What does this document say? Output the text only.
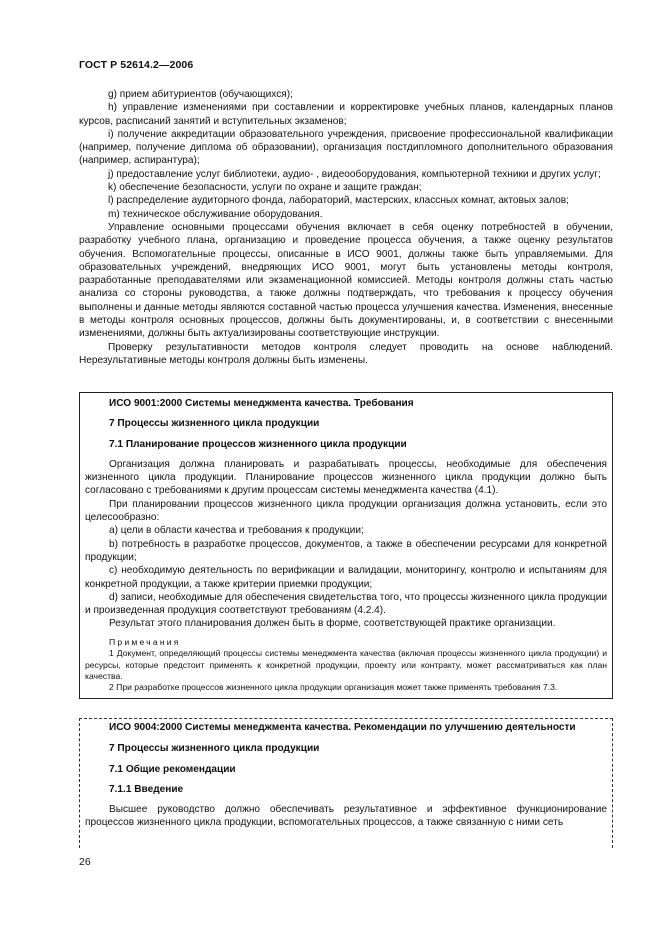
ГОСТ Р 52614.2—2006

g) прием абитуриентов (обучающихся);

h) управление изменениями при составлении и корректировке учебных планов, календарных планов курсов, расписаний занятий и вступительных экзаменов;

i) получение аккредитации образовательного учреждения, присвоение профессиональной квалификации (например, получение диплома об образовании), организация постдипломного дополнительного образования (например, аспирантура);

j) предоставление услуг библиотеки, аудио- , видеооборудования, компьютерной техники и других услуг;

k) обеспечение безопасности, услуги по охране и защите граждан;

l) распределение аудиторного фонда, лабораторий, мастерских, классных комнат, актовых залов;

m) техническое обслуживание оборудования.

Управление основными процессами обучения включает в себя оценку потребностей в обучении, разработку учебного плана, организацию и проведение процесса обучения, а также оценку результатов обучения. Вспомогательные процессы, описанные в ИСО 9001, должны также быть управляемыми. Для образовательных учреждений, внедряющих ИСО 9001, могут быть установлены методы контроля, разработанные преподавателями или экзаменационной комиссией. Методы контроля должны стать частью анализа со стороны руководства, а также должны подтверждать, что требования к процессу обучения выполнены и данные методы являются составной частью процесса улучшения качества. Изменения, внесенные в методы контроля основных процессов, должны быть документированы, и, в соответствии с внесенными изменениями, должны быть актуализированы соответствующие инструкции.

Проверку результативности методов контроля следует проводить на основе наблюдений. Нерезультативные методы контроля должны быть изменены.

ИСО 9001:2000 Системы менеджмента качества. Требования
7 Процессы жизненного цикла продукции
7.1 Планирование процессов жизненного цикла продукции

Организация должна планировать и разрабатывать процессы, необходимые для обеспечения жизненного цикла продукции. Планирование процессов жизненного цикла продукции должно быть согласовано с требованиями к другим процессам системы менеджмента качества (4.1).

При планировании процессов жизненного цикла продукции организация должна установить, если это целесообразно:

a) цели в области качества и требования к продукции;

b) потребность в разработке процессов, документов, а также в обеспечении ресурсами для конкретной продукции;

c) необходимую деятельность по верификации и валидации, мониторингу, контролю и испытаниям для конкретной продукции, а также критерии приемки продукции;

d) записи, необходимые для обеспечения свидетельства того, что процессы жизненного цикла продукции и произведенная продукция соответствуют требованиям (4.2.4).

Результат этого планирования должен быть в форме, соответствующей практике организации.

Примечания

1 Документ, определяющий процессы системы менеджмента качества (включая процессы жизненного цикла продукции) и ресурсы, которые предстоит применять к конкретной продукции, проекту или контракту, может рассматриваться как план качества.

2 При разработке процессов жизненного цикла продукции организация может также применять требования 7.3.

ИСО 9004:2000 Системы менеджмента качества. Рекомендации по улучшению деятельности

7 Процессы жизненного цикла продукции
7.1 Общие рекомендации
7.1.1 Введение

Высшее руководство должно обеспечивать результативное и эффективное функционирование процессов жизненного цикла продукции, вспомогательных процессов, а также связанную с ними сеть

26
